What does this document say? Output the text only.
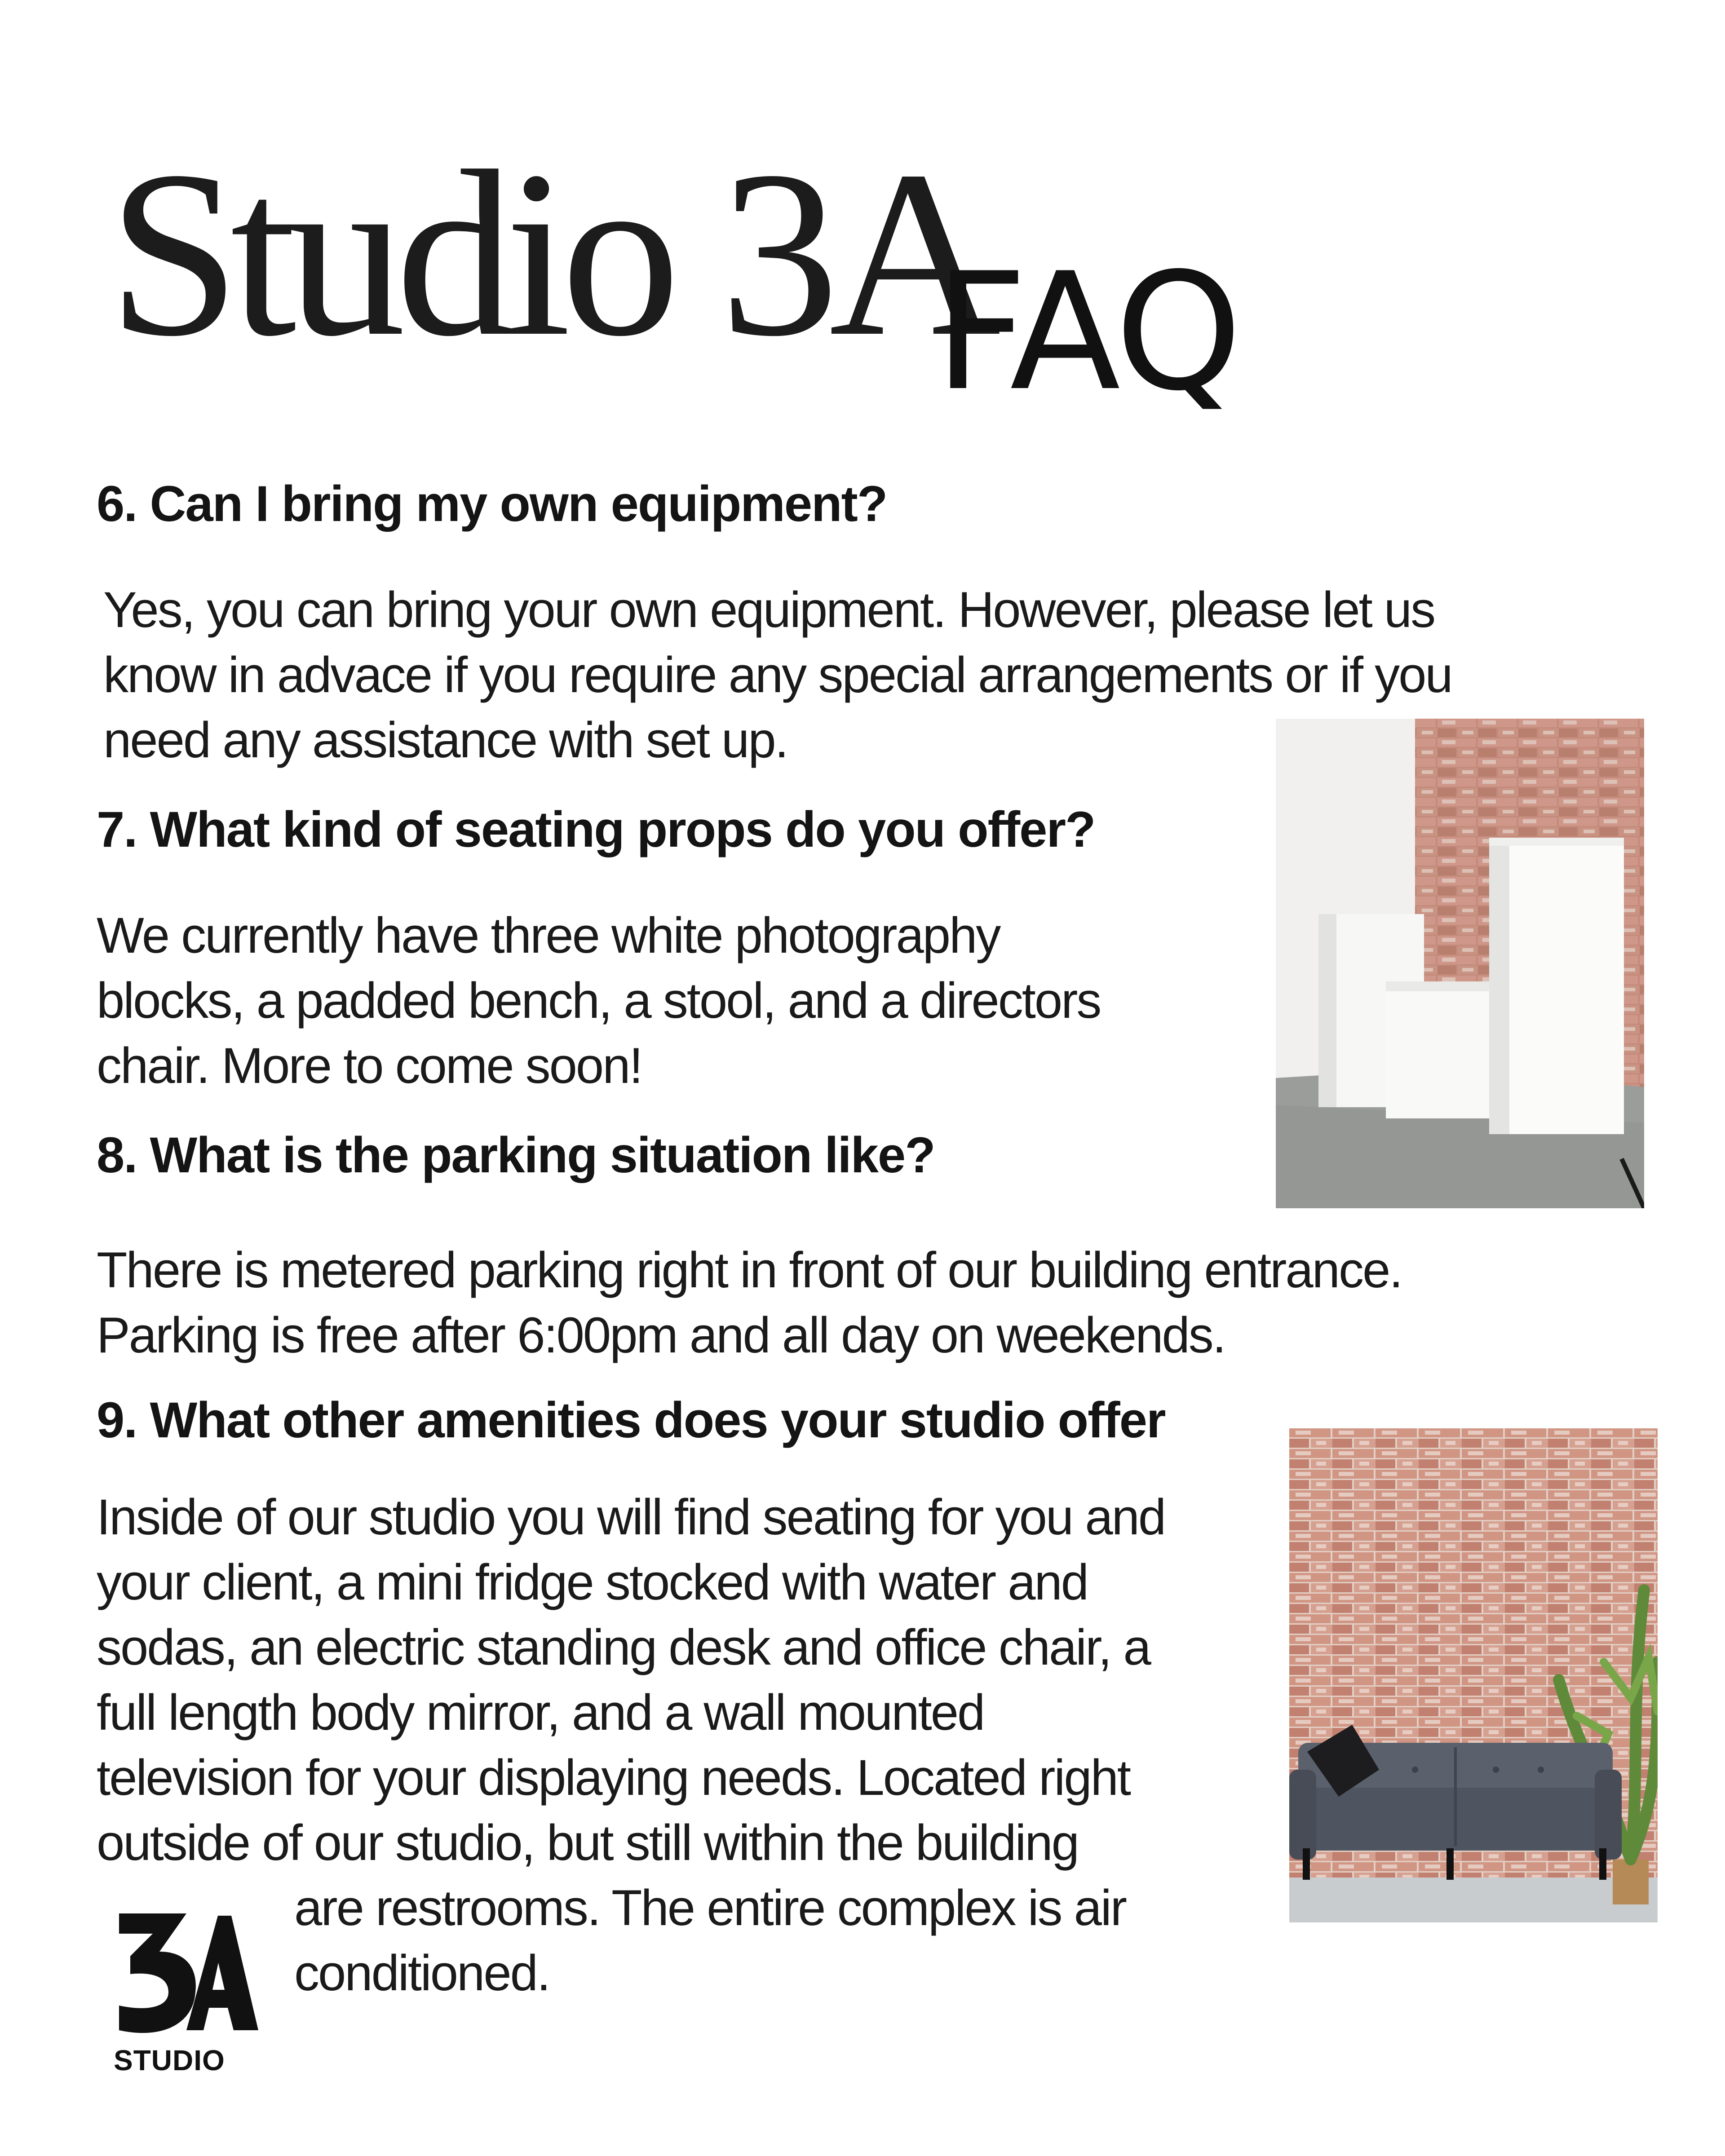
Studio 3A
FAQ
6. Can I bring my own equipment?

Yes, you can bring your own equipment. However, please let us
know in advace if you require any special arrangements or if you
need any assistance with set up.

7. What kind of seating props do you offer?

We currently have three white photography
blocks, a padded bench, a stool, and a directors
chair. More to come soon!

8. What is the parking situation like?

There is metered parking right in front of our building entrance.
Parking is free after 6:00pm and all day on weekends.

9. What other amenities does your studio offer

Inside of our studio you will find seating for you and
your client, a mini fridge stocked with water and
sodas, an electric standing desk and office chair, a
full length body mirror, and a wall mounted
television for your displaying needs. Located right
outside of our studio, but still within the building

are restrooms. The entire complex is air
conditioned.

STUDIO
